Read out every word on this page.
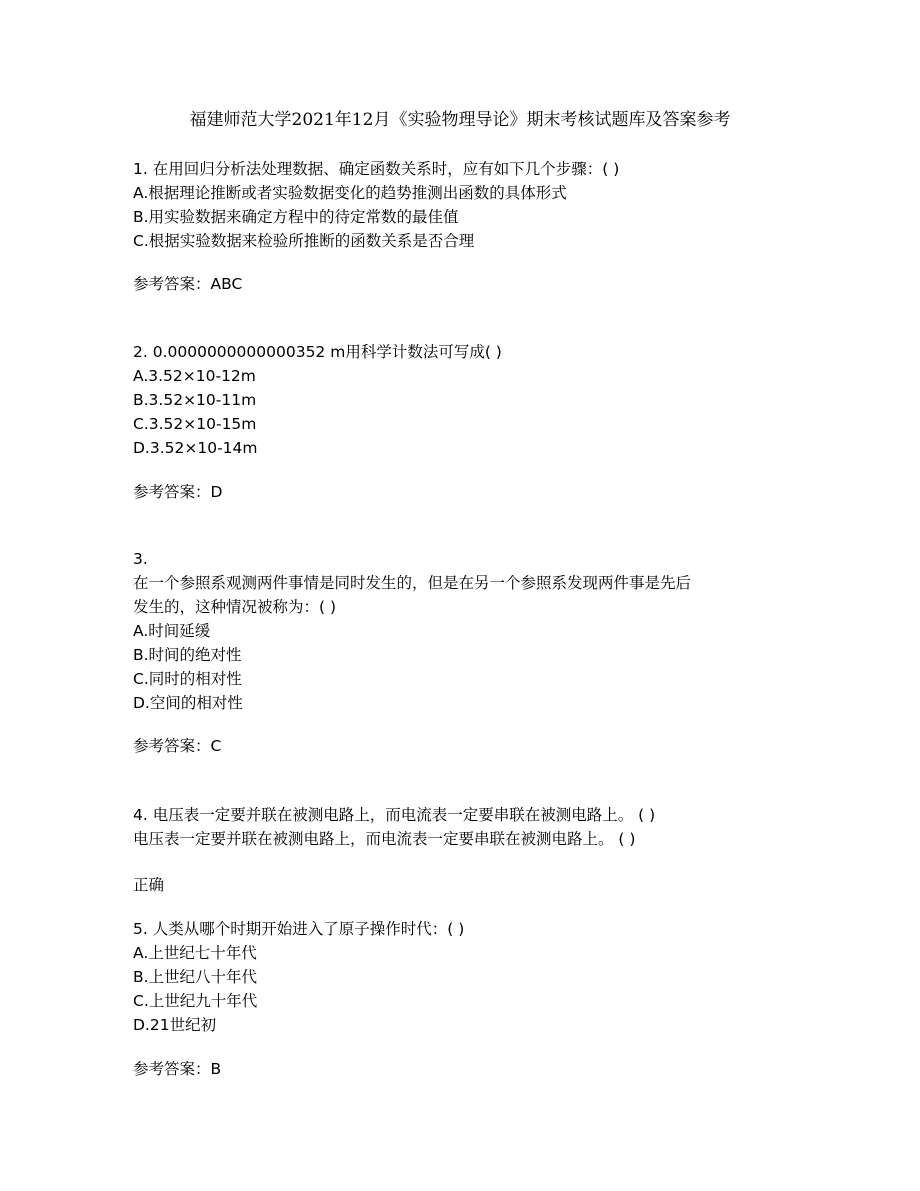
福建师范大学2021年12月《实验物理导论》期末考核试题库及答案参考
1. 在用回归分析法处理数据、确定函数关系时，应有如下几个步骤：( )
A.根据理论推断或者实验数据变化的趋势推测出函数的具体形式
B.用实验数据来确定方程中的待定常数的最佳值
C.根据实验数据来检验所推断的函数关系是否合理
参考答案：ABC
2. 0.0000000000000352 m用科学计数法可写成( )
A.3.52×10-12m
B.3.52×10-11m
C.3.52×10-15m
D.3.52×10-14m
参考答案：D
3.
在一个参照系观测两件事情是同时发生的，但是在另一个参照系发现两件事是先后
发生的，这种情况被称为：( )
A.时间延缓
B.时间的绝对性
C.同时的相对性
D.空间的相对性
参考答案：C
4. 电压表一定要并联在被测电路上，而电流表一定要串联在被测电路上。 ( )
电压表一定要并联在被测电路上，而电流表一定要串联在被测电路上。 ( )
正确
5. 人类从哪个时期开始进入了原子操作时代：( )
A.上世纪七十年代
B.上世纪八十年代
C.上世纪九十年代
D.21世纪初
参考答案：B
